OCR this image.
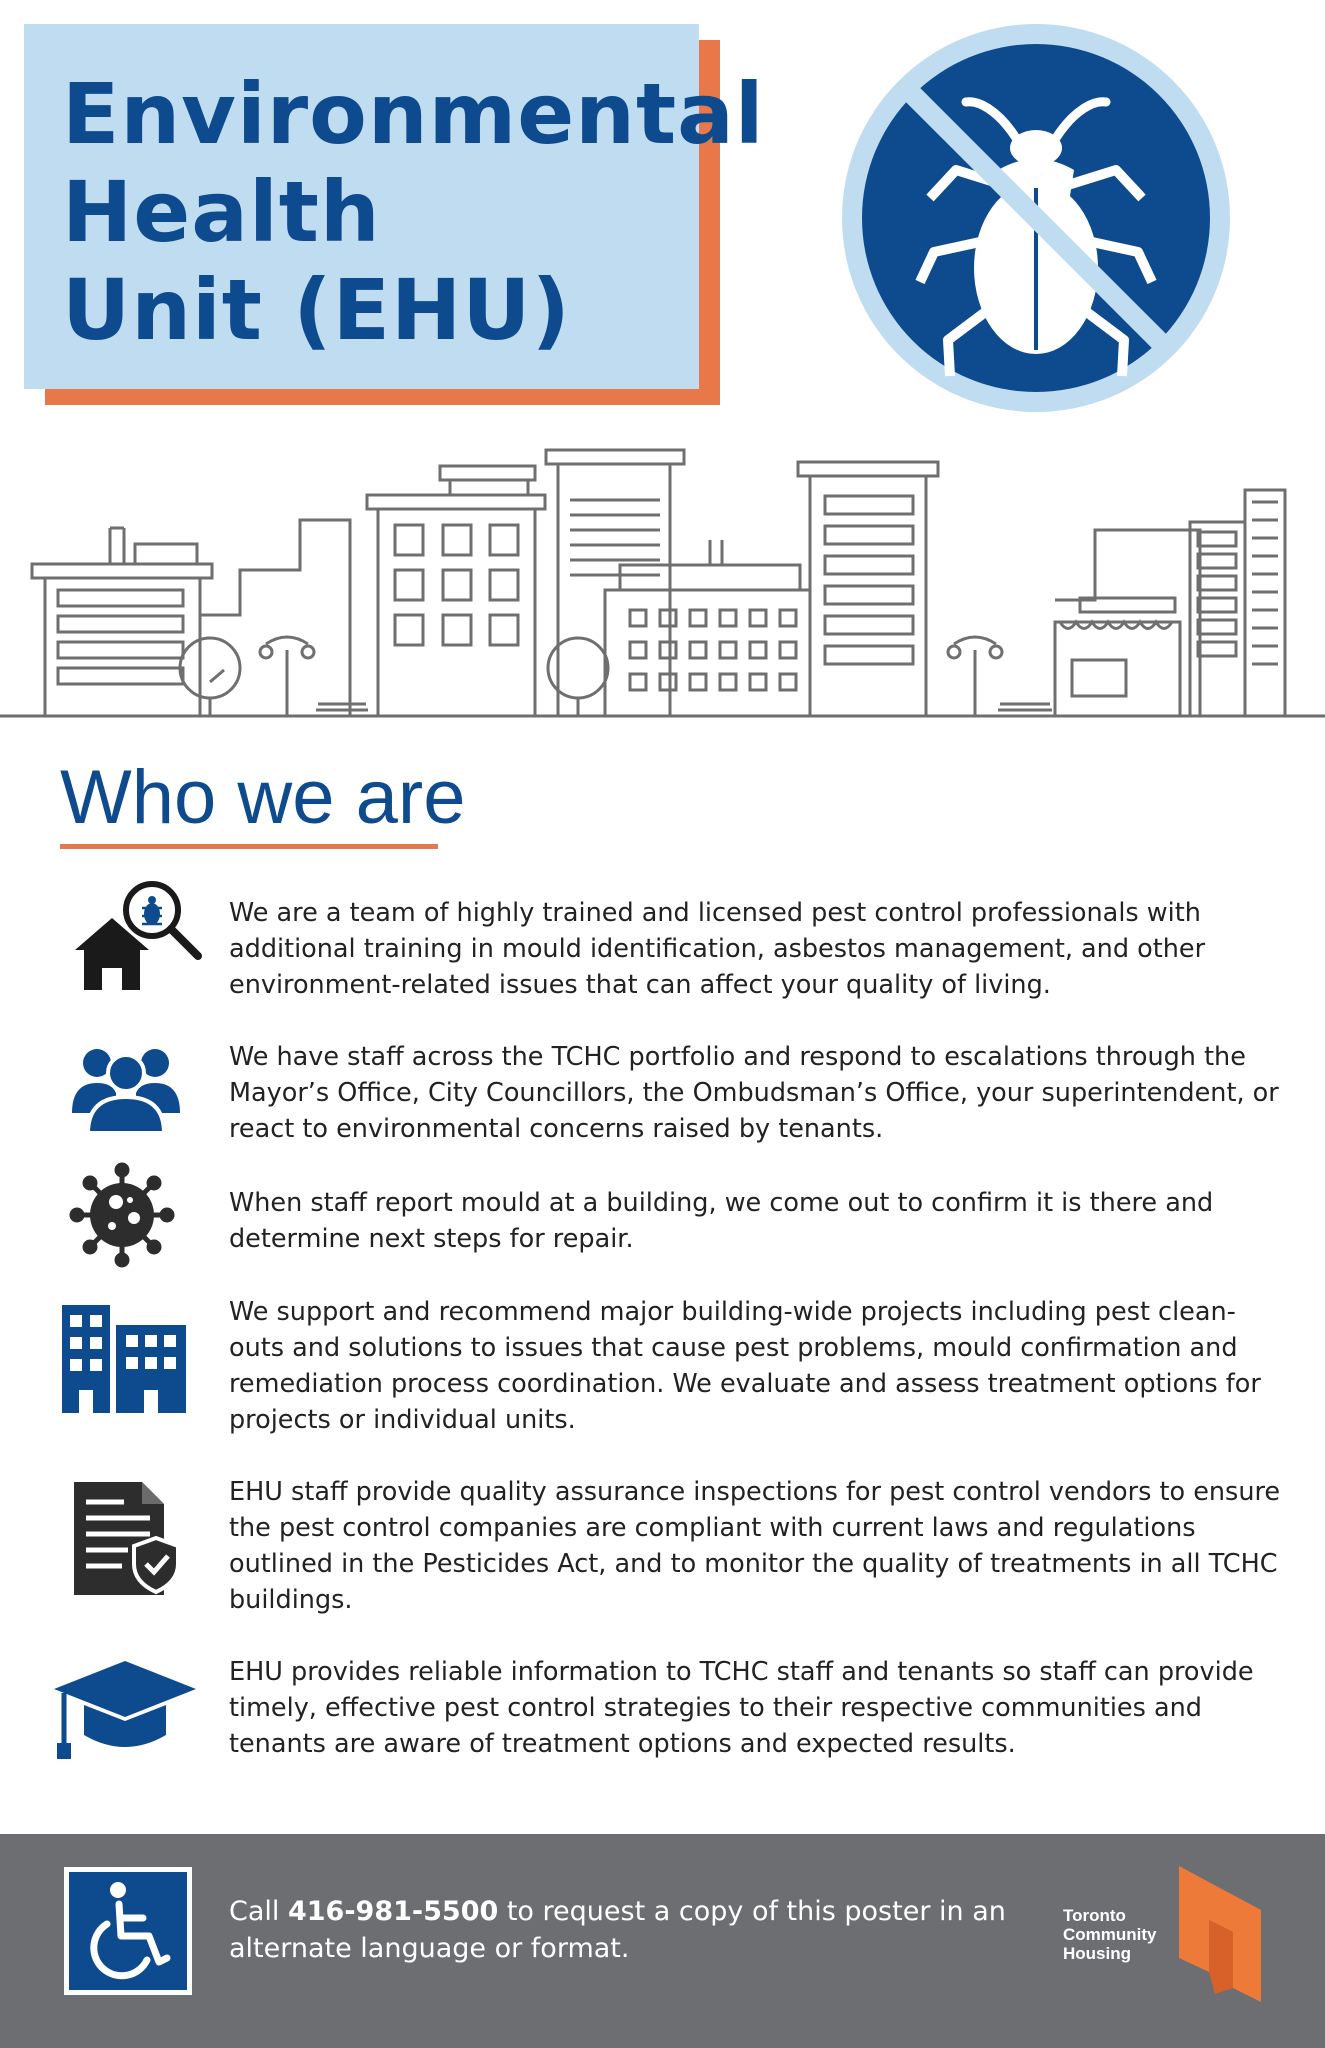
Environmental
Health
Unit (EHU)
Who we are

We are a team of highly trained and licensed pest control professionals with additional training in mould identification, asbestos management, and other environment-related issues that can affect your quality of living.

We have staff across the TCHC portfolio and respond to escalations through the Mayor’s Office, City Councillors, the Ombudsman’s Office, your superintendent, or react to environmental concerns raised by tenants.

When staff report mould at a building, we come out to confirm it is there and determine next steps for repair.

We support and recommend major building-wide projects including pest clean-outs and solutions to issues that cause pest problems, mould confirmation and remediation process coordination. We evaluate and assess treatment options for projects or individual units.

EHU staff provide quality assurance inspections for pest control vendors to ensure the pest control companies are compliant with current laws and regulations outlined in the Pesticides Act, and to monitor the quality of treatments in all TCHC buildings.

EHU provides reliable information to TCHC staff and tenants so staff can provide timely, effective pest control strategies to their respective communities and tenants are aware of treatment options and expected results.

Call 416-981-5500 to request a copy of this poster in an alternate language or format.

Toronto
Community
Housing
